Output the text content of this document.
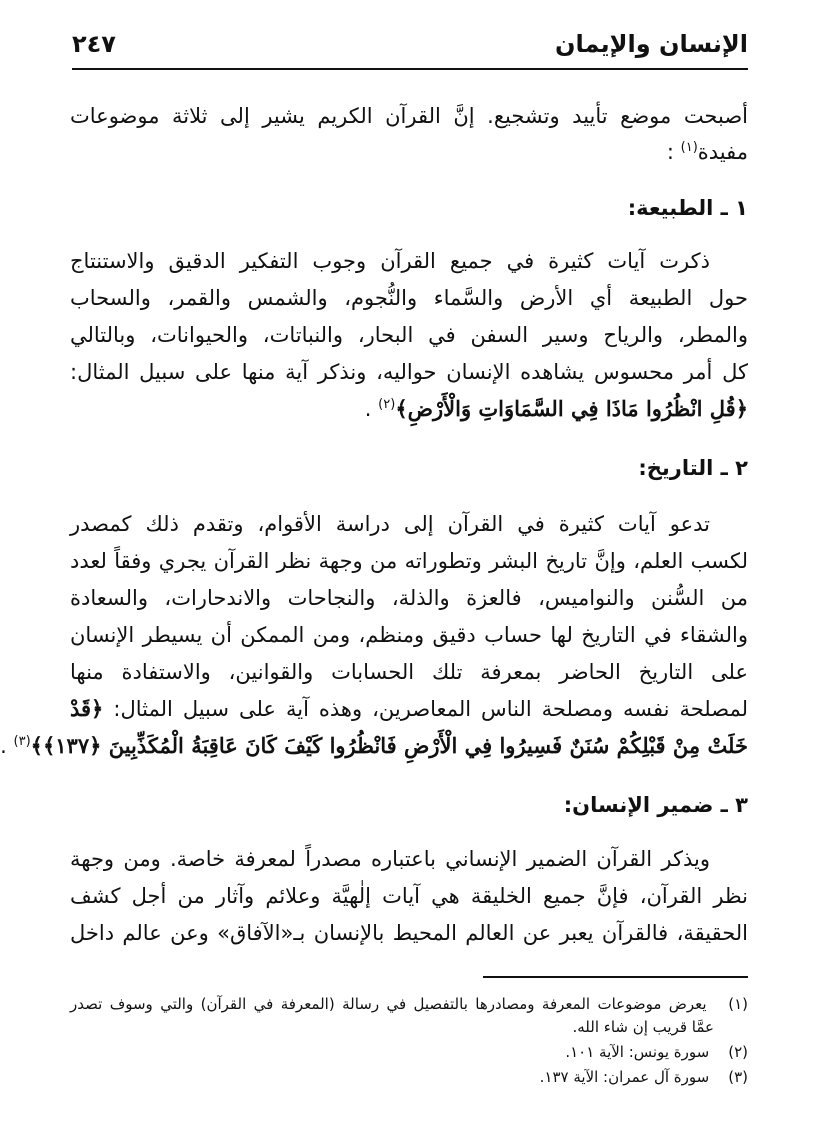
الإنسان والإيمان
٢٤٧
أصبحت موضع تأييد وتشجيع. إنَّ القرآن الكريم يشير إلى ثلاثة موضوعات
مفيدة$^{(١)}$ :
١ ـ الطبيعة:
ذكرت آيات كثيرة في جميع القرآن وجوب التفكير الدقيق والاستنتاج
حول الطبيعة أي الأرض والسَّماء والنُّجوم، والشمس والقمر، والسحاب
والمطر، والرياح وسير السفن في البحار، والنباتات، والحيوانات، وبالتالي
كل أمر محسوس يشاهده الإنسان حواليه، ونذكر آية منها على سبيل المثال:
﴿قُلِ انْظُرُوا مَاذَا فِي السَّمَاوَاتِ وَالْأَرْضِ﴾$^{(٢)}$ .
٢ ـ التاريخ:
تدعو آيات كثيرة في القرآن إلى دراسة الأقوام، وتقدم ذلك كمصدر
لكسب العلم، وإنَّ تاريخ البشر وتطوراته من وجهة نظر القرآن يجري وفقاً لعدد
من السُّنن والنواميس، فالعزة والذلة، والنجاحات والاندحارات، والسعادة
والشقاء في التاريخ لها حساب دقيق ومنظم، ومن الممكن أن يسيطر الإنسان
على التاريخ الحاضر بمعرفة تلك الحسابات والقوانين، والاستفادة منها
لمصلحة نفسه ومصلحة الناس المعاصرين، وهذه آية على سبيل المثال: ﴿قَدْ
خَلَتْ مِنْ قَبْلِكُمْ سُنَنٌ فَسِيرُوا فِي الْأَرْضِ فَانْظُرُوا كَيْفَ كَانَ عَاقِبَةُ الْمُكَذِّبِينَ ﴿١٣٧﴾﴾$^{(٣)}$ .
٣ ـ ضمير الإنسان:
ويذكر القرآن الضمير الإنساني باعتباره مصدراً لمعرفة خاصة. ومن وجهة
نظر القرآن، فإنَّ جميع الخليقة هي آيات إلٰهيَّة وعلائم وآثار من أجل كشف
الحقيقة، فالقرآن يعبر عن العالم المحيط بالإنسان بـ«الآفاق» وعن عالم داخل
(١) يعرض موضوعات المعرفة ومصادرها بالتفصيل في رسالة (المعرفة في القرآن) والتي وسوف تصدر
عمَّا قريب إن شاء الله.
(٢) سورة يونس: الآية ١٠١.
(٣) سورة آل عمران: الآية ١٣٧.
